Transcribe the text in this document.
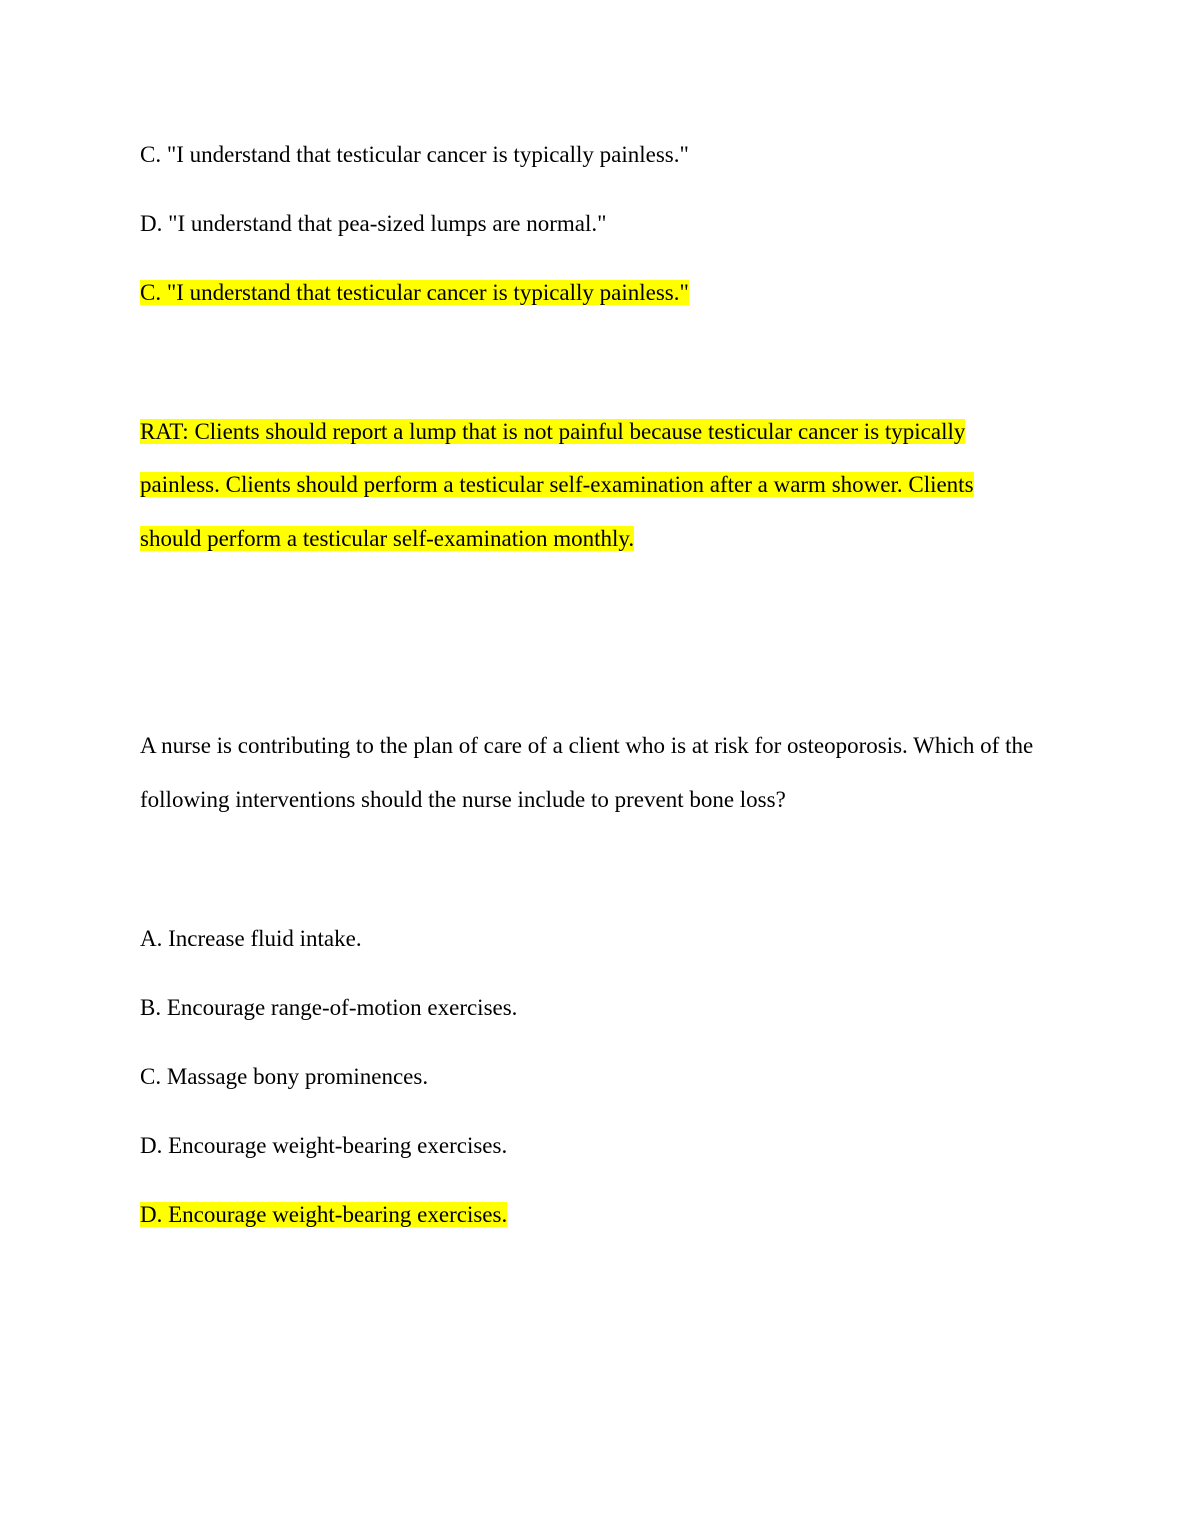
C. "I understand that testicular cancer is typically painless."

D. "I understand that pea-sized lumps are normal."

C. "I understand that testicular cancer is typically painless."

RAT: Clients should report a lump that is not painful because testicular cancer is typically

painless. Clients should perform a testicular self-examination after a warm shower. Clients

should perform a testicular self-examination monthly.

A nurse is contributing to the plan of care of a client who is at risk for osteoporosis. Which of the

following interventions should the nurse include to prevent bone loss?

A. Increase fluid intake.

B. Encourage range-of-motion exercises.

C. Massage bony prominences.

D. Encourage weight-bearing exercises.

D. Encourage weight-bearing exercises.
